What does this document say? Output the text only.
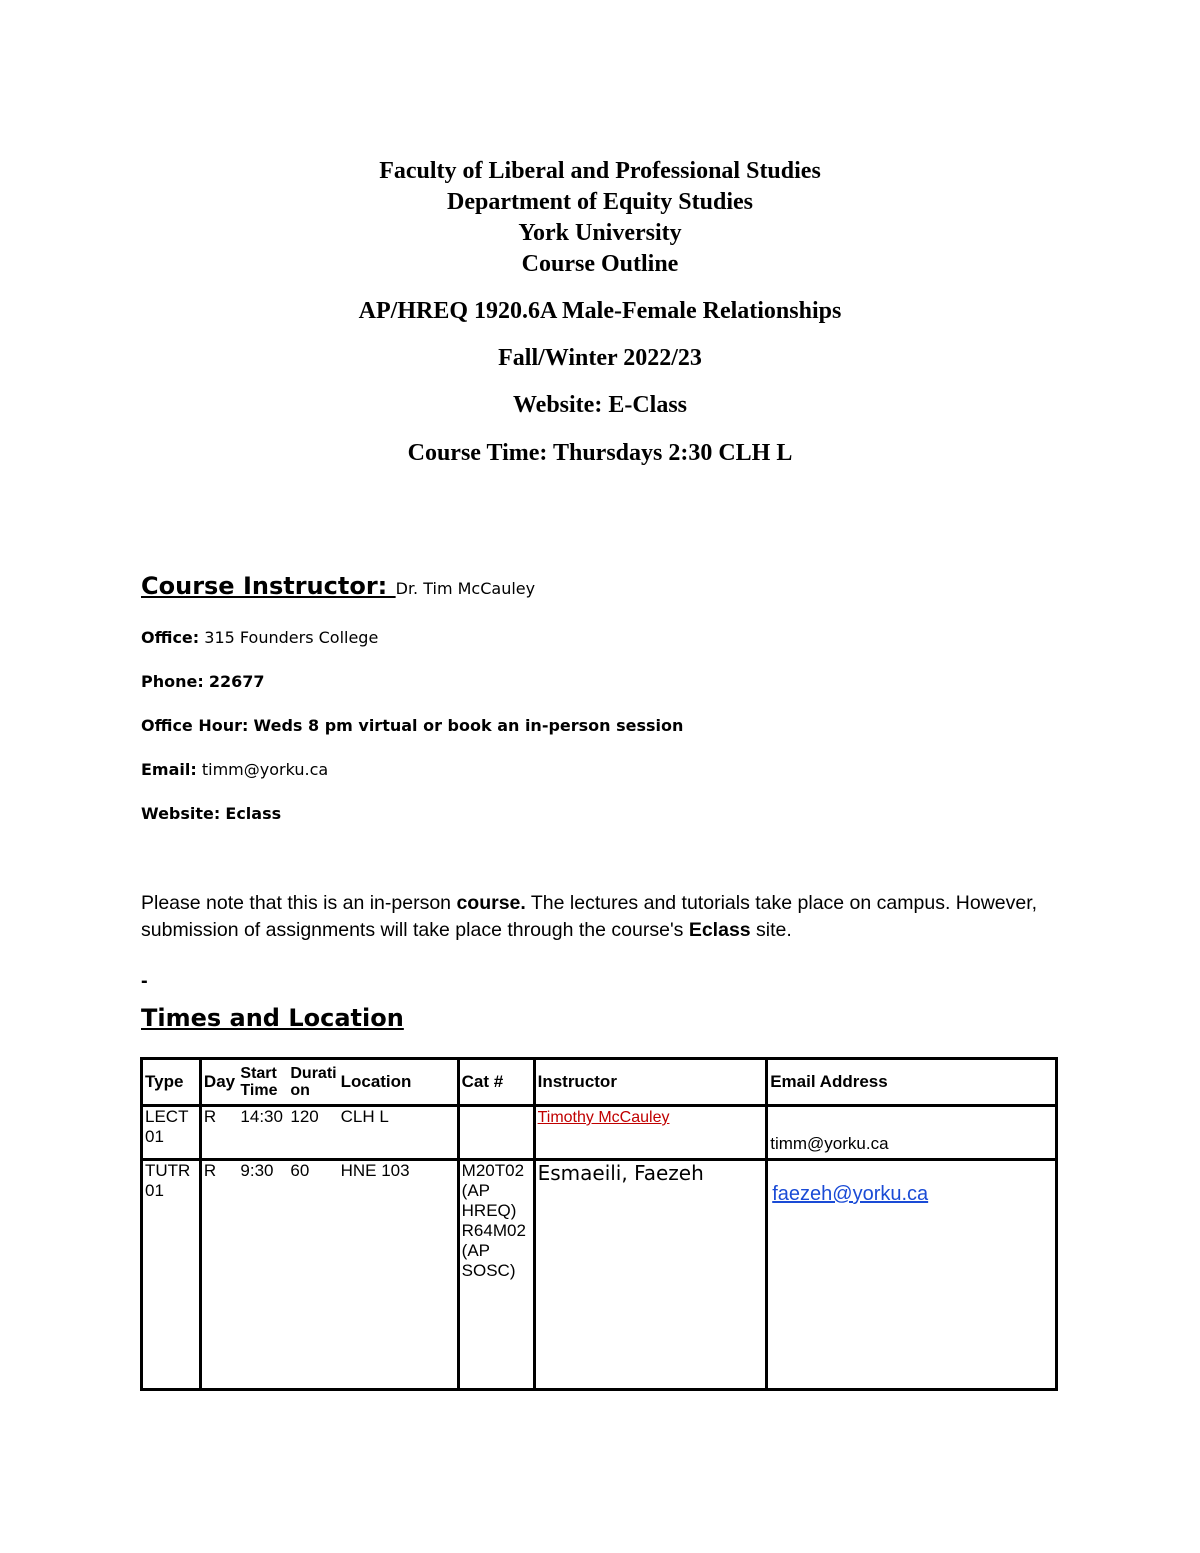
Faculty of Liberal and Professional Studies
Department of Equity Studies
York University
Course Outline
AP/HREQ 1920.6A Male-Female Relationships
Fall/Winter 2022/23
Website: E-Class
Course Time: Thursdays 2:30 CLH L
Course Instructor: Dr. Tim McCauley
Office: 315 Founders College
Phone: 22677
Office Hour: Weds 8 pm virtual or book an in-person session
Email: timm@yorku.ca
Website: Eclass
Please note that this is an in-person course. The lectures and tutorials take place on campus. However, submission of assignments will take place through the course's Eclass site.
-
Times and Location
Type	Day	Start Time	Durati on	Location	Cat #	Instructor	Email Address
LECT 01	R	14:30	120	CLH L		Timothy McCauley	timm@yorku.ca
TUTR 01	R	9:30	60	HNE 103	M20T02 (AP HREQ) R64M02 (AP SOSC)	Esmaeili, Faezeh	faezeh@yorku.ca
